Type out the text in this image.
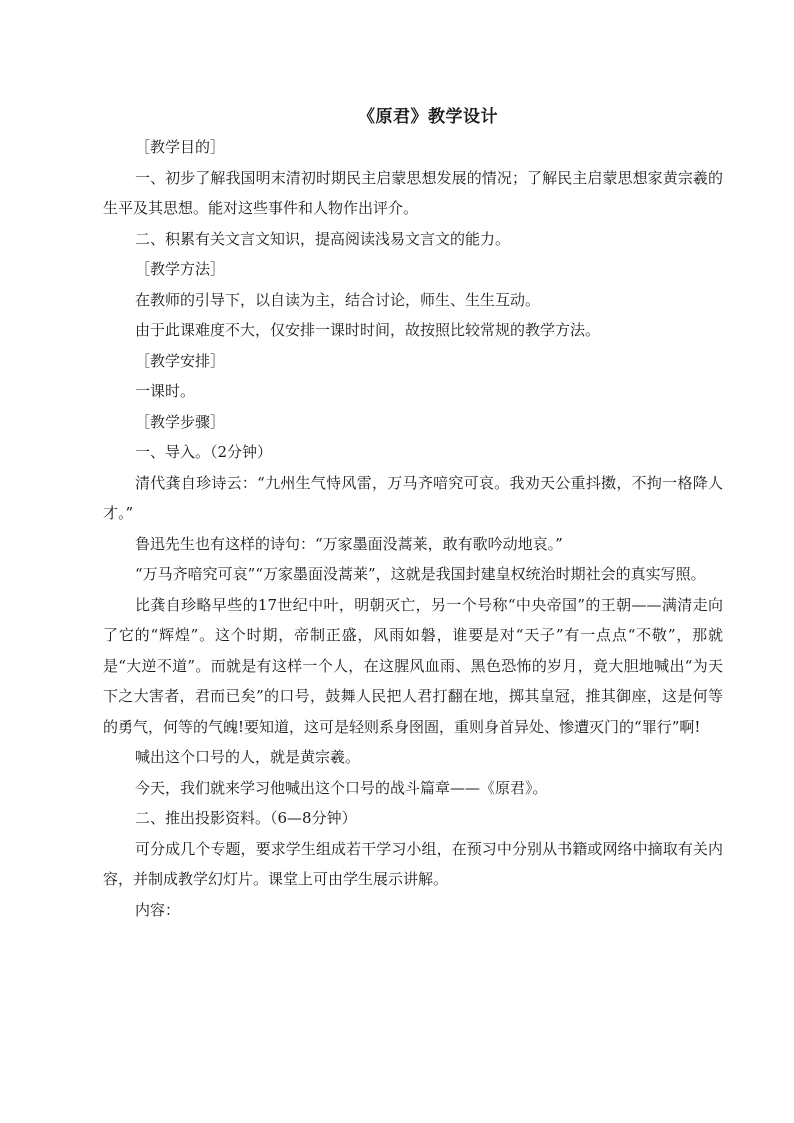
《原君》教学设计

［教学目的］

一、初步了解我国明末清初时期民主启蒙思想发展的情况；了解民主启蒙思想家黄宗羲的生平及其思想。能对这些事件和人物作出评介。

二、积累有关文言文知识，提高阅读浅易文言文的能力。

［教学方法］

在教师的引导下，以自读为主，结合讨论，师生、生生互动。

由于此课难度不大，仅安排一课时时间，故按照比较常规的教学方法。

［教学安排］

一课时。

［教学步骤］

一、导入。（2分钟）

清代龚自珍诗云：“九州生气恃风雷，万马齐喑究可哀。我劝天公重抖擞，不拘一格降人才。”

鲁迅先生也有这样的诗句：“万家墨面没蒿莱，敢有歌吟动地哀。”

“万马齐喑究可哀”“万家墨面没蒿莱”，这就是我国封建皇权统治时期社会的真实写照。

比龚自珍略早些的17世纪中叶，明朝灭亡，另一个号称“中央帝国”的王朝——满清走向了它的“辉煌”。这个时期，帝制正盛，风雨如磐，谁要是对“天子”有一点点“不敬”，那就是“大逆不道”。而就是有这样一个人，在这腥风血雨、黑色恐怖的岁月，竟大胆地喊出“为天下之大害者，君而已矣”的口号，鼓舞人民把人君打翻在地，掷其皇冠，推其御座，这是何等的勇气，何等的气魄!要知道，这可是轻则系身囹圄，重则身首异处、惨遭灭门的“罪行”啊!

喊出这个口号的人，就是黄宗羲。

今天，我们就来学习他喊出这个口号的战斗篇章——《原君》。

二、推出投影资料。（6—8分钟）

可分成几个专题，要求学生组成若干学习小组，在预习中分别从书籍或网络中摘取有关内容，并制成教学幻灯片。课堂上可由学生展示讲解。

内容：
